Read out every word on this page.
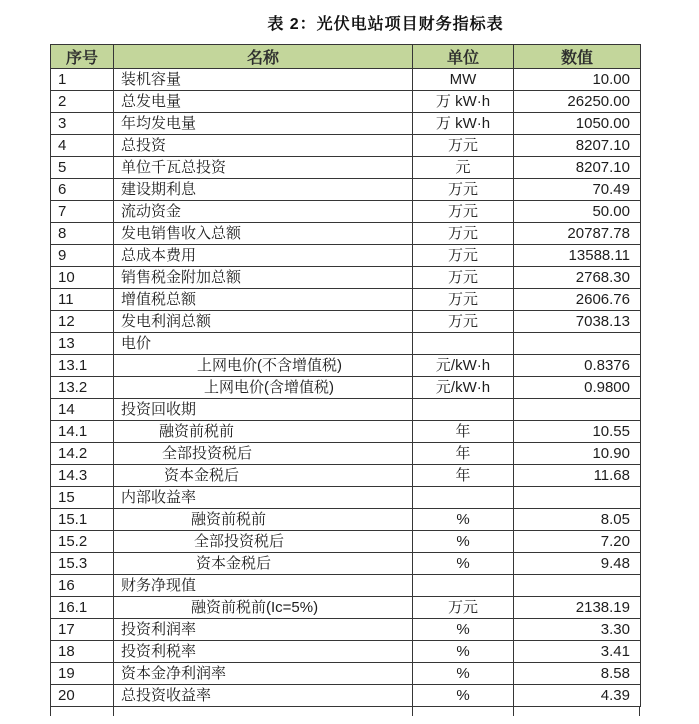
表 2：光伏电站项目财务指标表
序号	名称	单位	数值
1	装机容量	MW	10.00
2	总发电量	万 kW·h	26250.00
3	年均发电量	万 kW·h	1050.00
4	总投资	万元	8207.10
5	单位千瓦总投资	元	8207.10
6	建设期利息	万元	70.49
7	流动资金	万元	50.00
8	发电销售收入总额	万元	20787.78
9	总成本费用	万元	13588.11
10	销售税金附加总额	万元	2768.30
11	增值税总额	万元	2606.76
12	发电利润总额	万元	7038.13
13	电价		
13.1	上网电价(不含增值税)	元/kW·h	0.8376
13.2	上网电价(含增值税)	元/kW·h	0.9800
14	投资回收期		
14.1	融资前税前	年	10.55
14.2	全部投资税后	年	10.90
14.3	资本金税后	年	11.68
15	内部收益率		
15.1	融资前税前	%	8.05
15.2	全部投资税后	%	7.20
15.3	资本金税后	%	9.48
16	财务净现值		
16.1	融资前税前(Ic=5%)	万元	2138.19
17	投资利润率	%	3.30
18	投资利税率	%	3.41
19	资本金净利润率	%	8.58
20	总投资收益率	%	4.39
